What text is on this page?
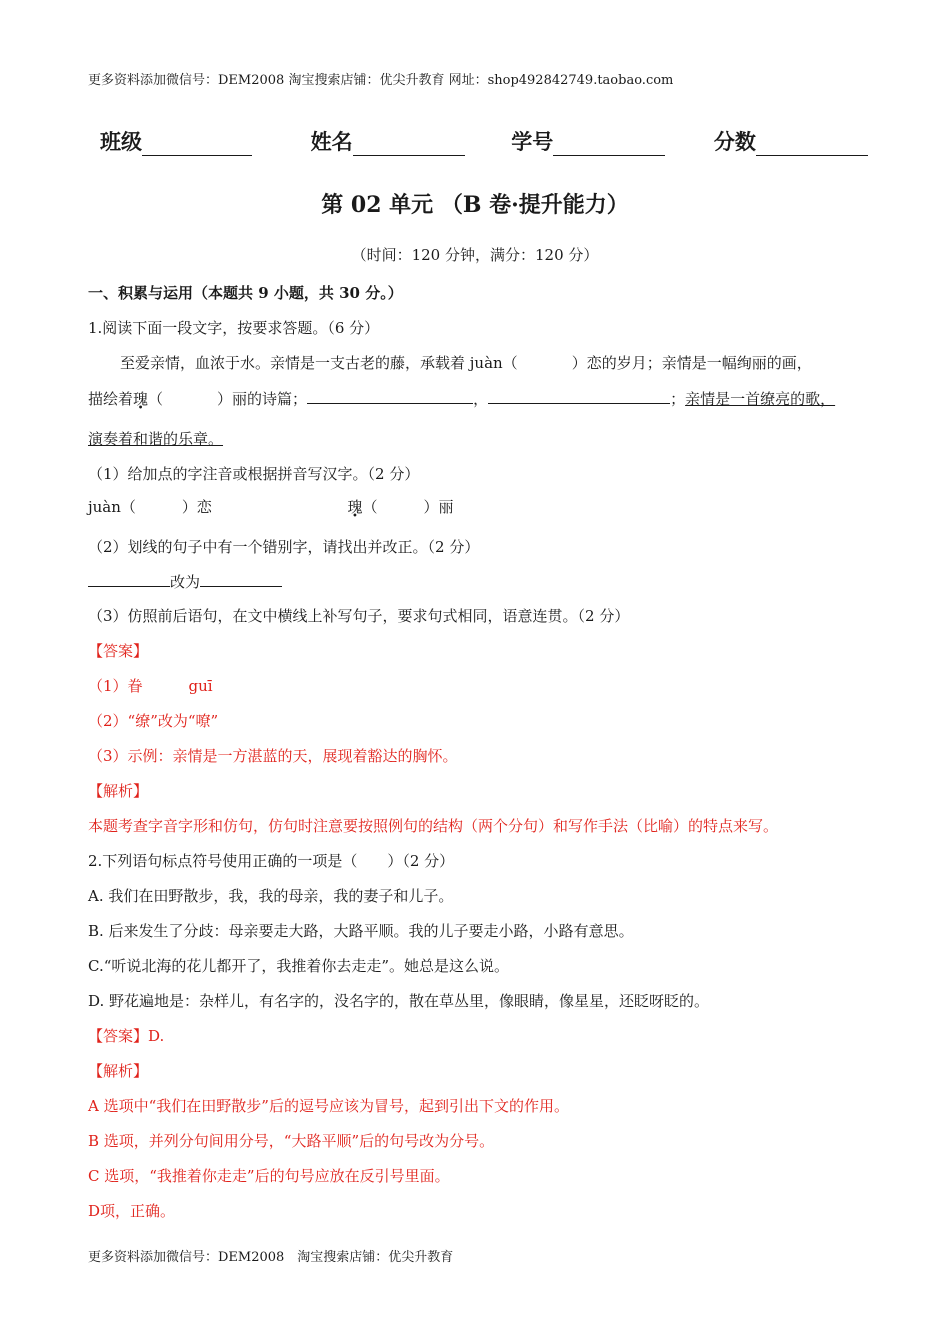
更多资料添加微信号：DEM2008 淘宝搜索店铺：优尖升教育 网址：shop492842749.taobao.com
班级	姓名	学号	分数
第 02 单元 （B 卷·提升能力）
（时间：120 分钟，满分：120 分）
一、积累与运用（本题共 9 小题，共 30 分。）
1.阅读下面一段文字，按要求答题。（6 分）
至爱亲情，血浓于水。亲情是一支古老的藤，承载着 juàn（	）恋的岁月；亲情是一幅绚丽的画，
描绘着瑰（	）丽的诗篇；	，	；亲情是一首缭亮的歌，
演奏着和谐的乐章。
（1）给加点的字注音或根据拼音写汉字。（2 分）
juàn（	）恋	瑰（	）丽
（2）划线的句子中有一个错别字，请找出并改正。（2 分）
改为
（3）仿照前后语句，在文中横线上补写句子，要求句式相同，语意连贯。（2 分）
【答案】
（1）眷	guī
（2）“缭”改为“嘹”
（3）示例：亲情是一方湛蓝的天，展现着豁达的胸怀。
【解析】
本题考查字音字形和仿句，仿句时注意要按照例句的结构（两个分句）和写作手法（比喻）的特点来写。
2.下列语句标点符号使用正确的一项是（　　）（2 分）
A. 我们在田野散步，我，我的母亲，我的妻子和儿子。
B. 后来发生了分歧：母亲要走大路，大路平顺。我的儿子要走小路，小路有意思。
C.“听说北海的花儿都开了，我推着你去走走”。她总是这么说。
D. 野花遍地是：杂样儿，有名字的，没名字的，散在草丛里，像眼睛，像星星，还眨呀眨的。
【答案】D.
【解析】
A 选项中“我们在田野散步”后的逗号应该为冒号，起到引出下文的作用。
B 选项，并列分句间用分号，“大路平顺”后的句号改为分号。
C 选项，“我推着你走走”后的句号应放在反引号里面。
D项，正确。
更多资料添加微信号：DEM2008　淘宝搜索店铺：优尖升教育
